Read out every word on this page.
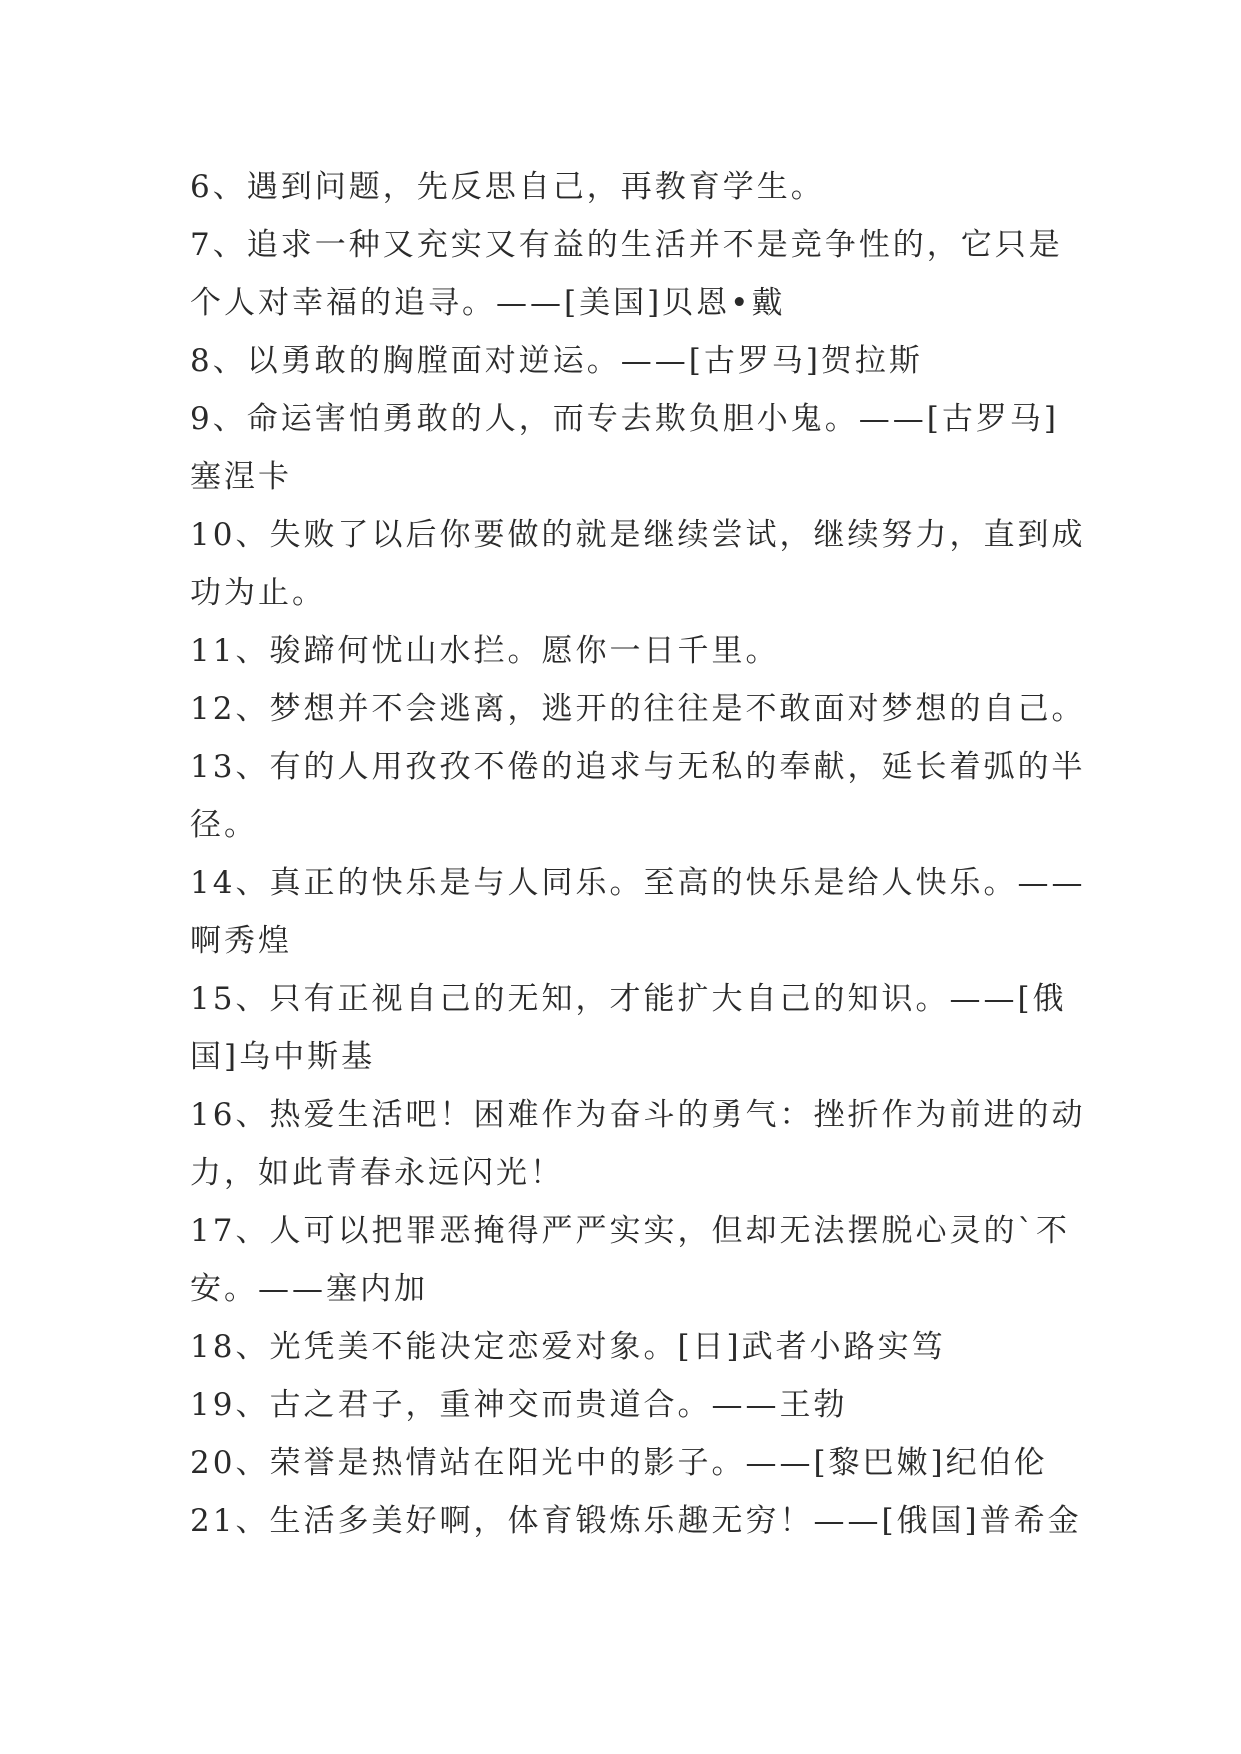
6、遇到问题，先反思自己，再教育学生。
7、追求一种又充实又有益的生活并不是竞争性的，它只是
个人对幸福的追寻。——[美国]贝恩•戴
8、以勇敢的胸膛面对逆运。——[古罗马]贺拉斯
9、命运害怕勇敢的人，而专去欺负胆小鬼。——[古罗马]
塞涅卡
10、失败了以后你要做的就是继续尝试，继续努力，直到成
功为止。
11、骏蹄何忧山水拦。愿你一日千里。
12、梦想并不会逃离，逃开的往往是不敢面对梦想的自己。
13、有的人用孜孜不倦的追求与无私的奉献，延长着弧的半
径。
14、真正的快乐是与人同乐。至高的快乐是给人快乐。——
啊秀煌
15、只有正视自己的无知，才能扩大自己的知识。——[俄
国]乌中斯基
16、热爱生活吧！困难作为奋斗的勇气：挫折作为前进的动
力，如此青春永远闪光！
17、人可以把罪恶掩得严严实实，但却无法摆脱心灵的`不
安。——塞内加
18、光凭美不能决定恋爱对象。[日]武者小路实笃
19、古之君子，重神交而贵道合。——王勃
20、荣誉是热情站在阳光中的影子。——[黎巴嫩]纪伯伦
21、生活多美好啊，体育锻炼乐趣无穷！——[俄国]普希金
